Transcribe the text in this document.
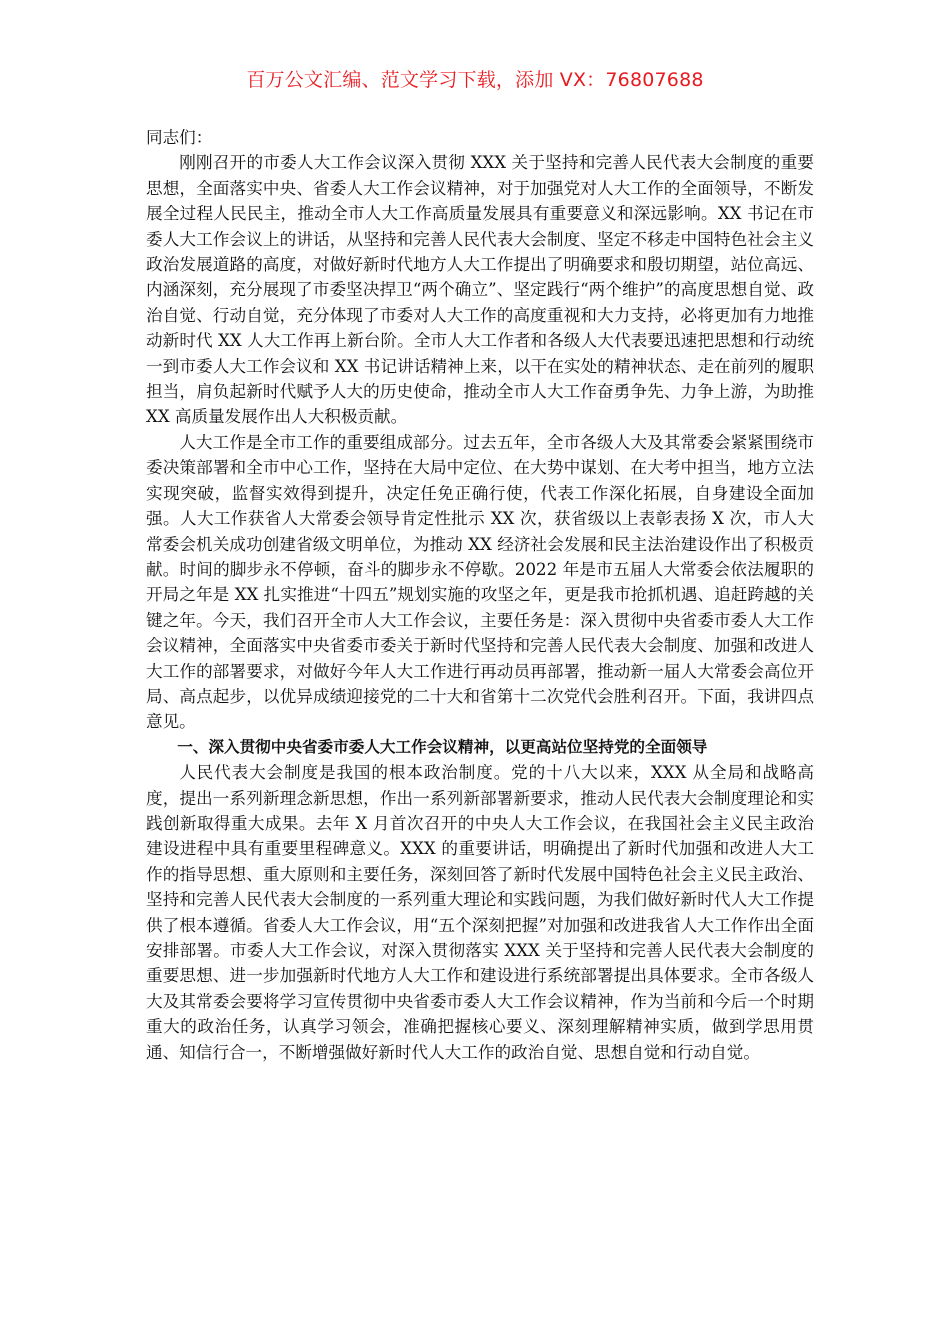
百万公文汇编、范文学习下载，添加 VX：76807688

同志们：

刚刚召开的市委人大工作会议深入贯彻 XXX 关于坚持和完善人民代表大会制度的重要思想，全面落实中央、省委人大工作会议精神，对于加强党对人大工作的全面领导，不断发展全过程人民民主，推动全市人大工作高质量发展具有重要意义和深远影响。XX 书记在市委人大工作会议上的讲话，从坚持和完善人民代表大会制度、坚定不移走中国特色社会主义政治发展道路的高度，对做好新时代地方人大工作提出了明确要求和殷切期望，站位高远、内涵深刻，充分展现了市委坚决捍卫“两个确立”、坚定践行“两个维护”的高度思想自觉、政治自觉、行动自觉，充分体现了市委对人大工作的高度重视和大力支持，必将更加有力地推动新时代 XX 人大工作再上新台阶。全市人大工作者和各级人大代表要迅速把思想和行动统一到市委人大工作会议和 XX 书记讲话精神上来，以干在实处的精神状态、走在前列的履职担当，肩负起新时代赋予人大的历史使命，推动全市人大工作奋勇争先、力争上游，为助推 XX 高质量发展作出人大积极贡献。

人大工作是全市工作的重要组成部分。过去五年，全市各级人大及其常委会紧紧围绕市委决策部署和全市中心工作，坚持在大局中定位、在大势中谋划、在大考中担当，地方立法实现突破，监督实效得到提升，决定任免正确行使，代表工作深化拓展，自身建设全面加强。人大工作获省人大常委会领导肯定性批示 XX 次，获省级以上表彰表扬 X 次，市人大常委会机关成功创建省级文明单位，为推动 XX 经济社会发展和民主法治建设作出了积极贡献。时间的脚步永不停顿，奋斗的脚步永不停歇。2022 年是市五届人大常委会依法履职的开局之年是 XX 扎实推进“十四五”规划实施的攻坚之年，更是我市抢抓机遇、追赶跨越的关键之年。今天，我们召开全市人大工作会议，主要任务是：深入贯彻中央省委市委人大工作会议精神，全面落实中央省委市委关于新时代坚持和完善人民代表大会制度、加强和改进人大工作的部署要求，对做好今年人大工作进行再动员再部署，推动新一届人大常委会高位开局、高点起步，以优异成绩迎接党的二十大和省第十二次党代会胜利召开。下面，我讲四点意见。

一、深入贯彻中央省委市委人大工作会议精神，以更高站位坚持党的全面领导

人民代表大会制度是我国的根本政治制度。党的十八大以来，XXX 从全局和战略高度，提出一系列新理念新思想，作出一系列新部署新要求，推动人民代表大会制度理论和实践创新取得重大成果。去年 X 月首次召开的中央人大工作会议，在我国社会主义民主政治建设进程中具有重要里程碑意义。XXX 的重要讲话，明确提出了新时代加强和改进人大工作的指导思想、重大原则和主要任务，深刻回答了新时代发展中国特色社会主义民主政治、坚持和完善人民代表大会制度的一系列重大理论和实践问题，为我们做好新时代人大工作提供了根本遵循。省委人大工作会议，用“五个深刻把握”对加强和改进我省人大工作作出全面安排部署。市委人大工作会议，对深入贯彻落实 XXX 关于坚持和完善人民代表大会制度的重要思想、进一步加强新时代地方人大工作和建设进行系统部署提出具体要求。全市各级人大及其常委会要将学习宣传贯彻中央省委市委人大工作会议精神，作为当前和今后一个时期重大的政治任务，认真学习领会，准确把握核心要义、深刻理解精神实质，做到学思用贯通、知信行合一，不断增强做好新时代人大工作的政治自觉、思想自觉和行动自觉。
